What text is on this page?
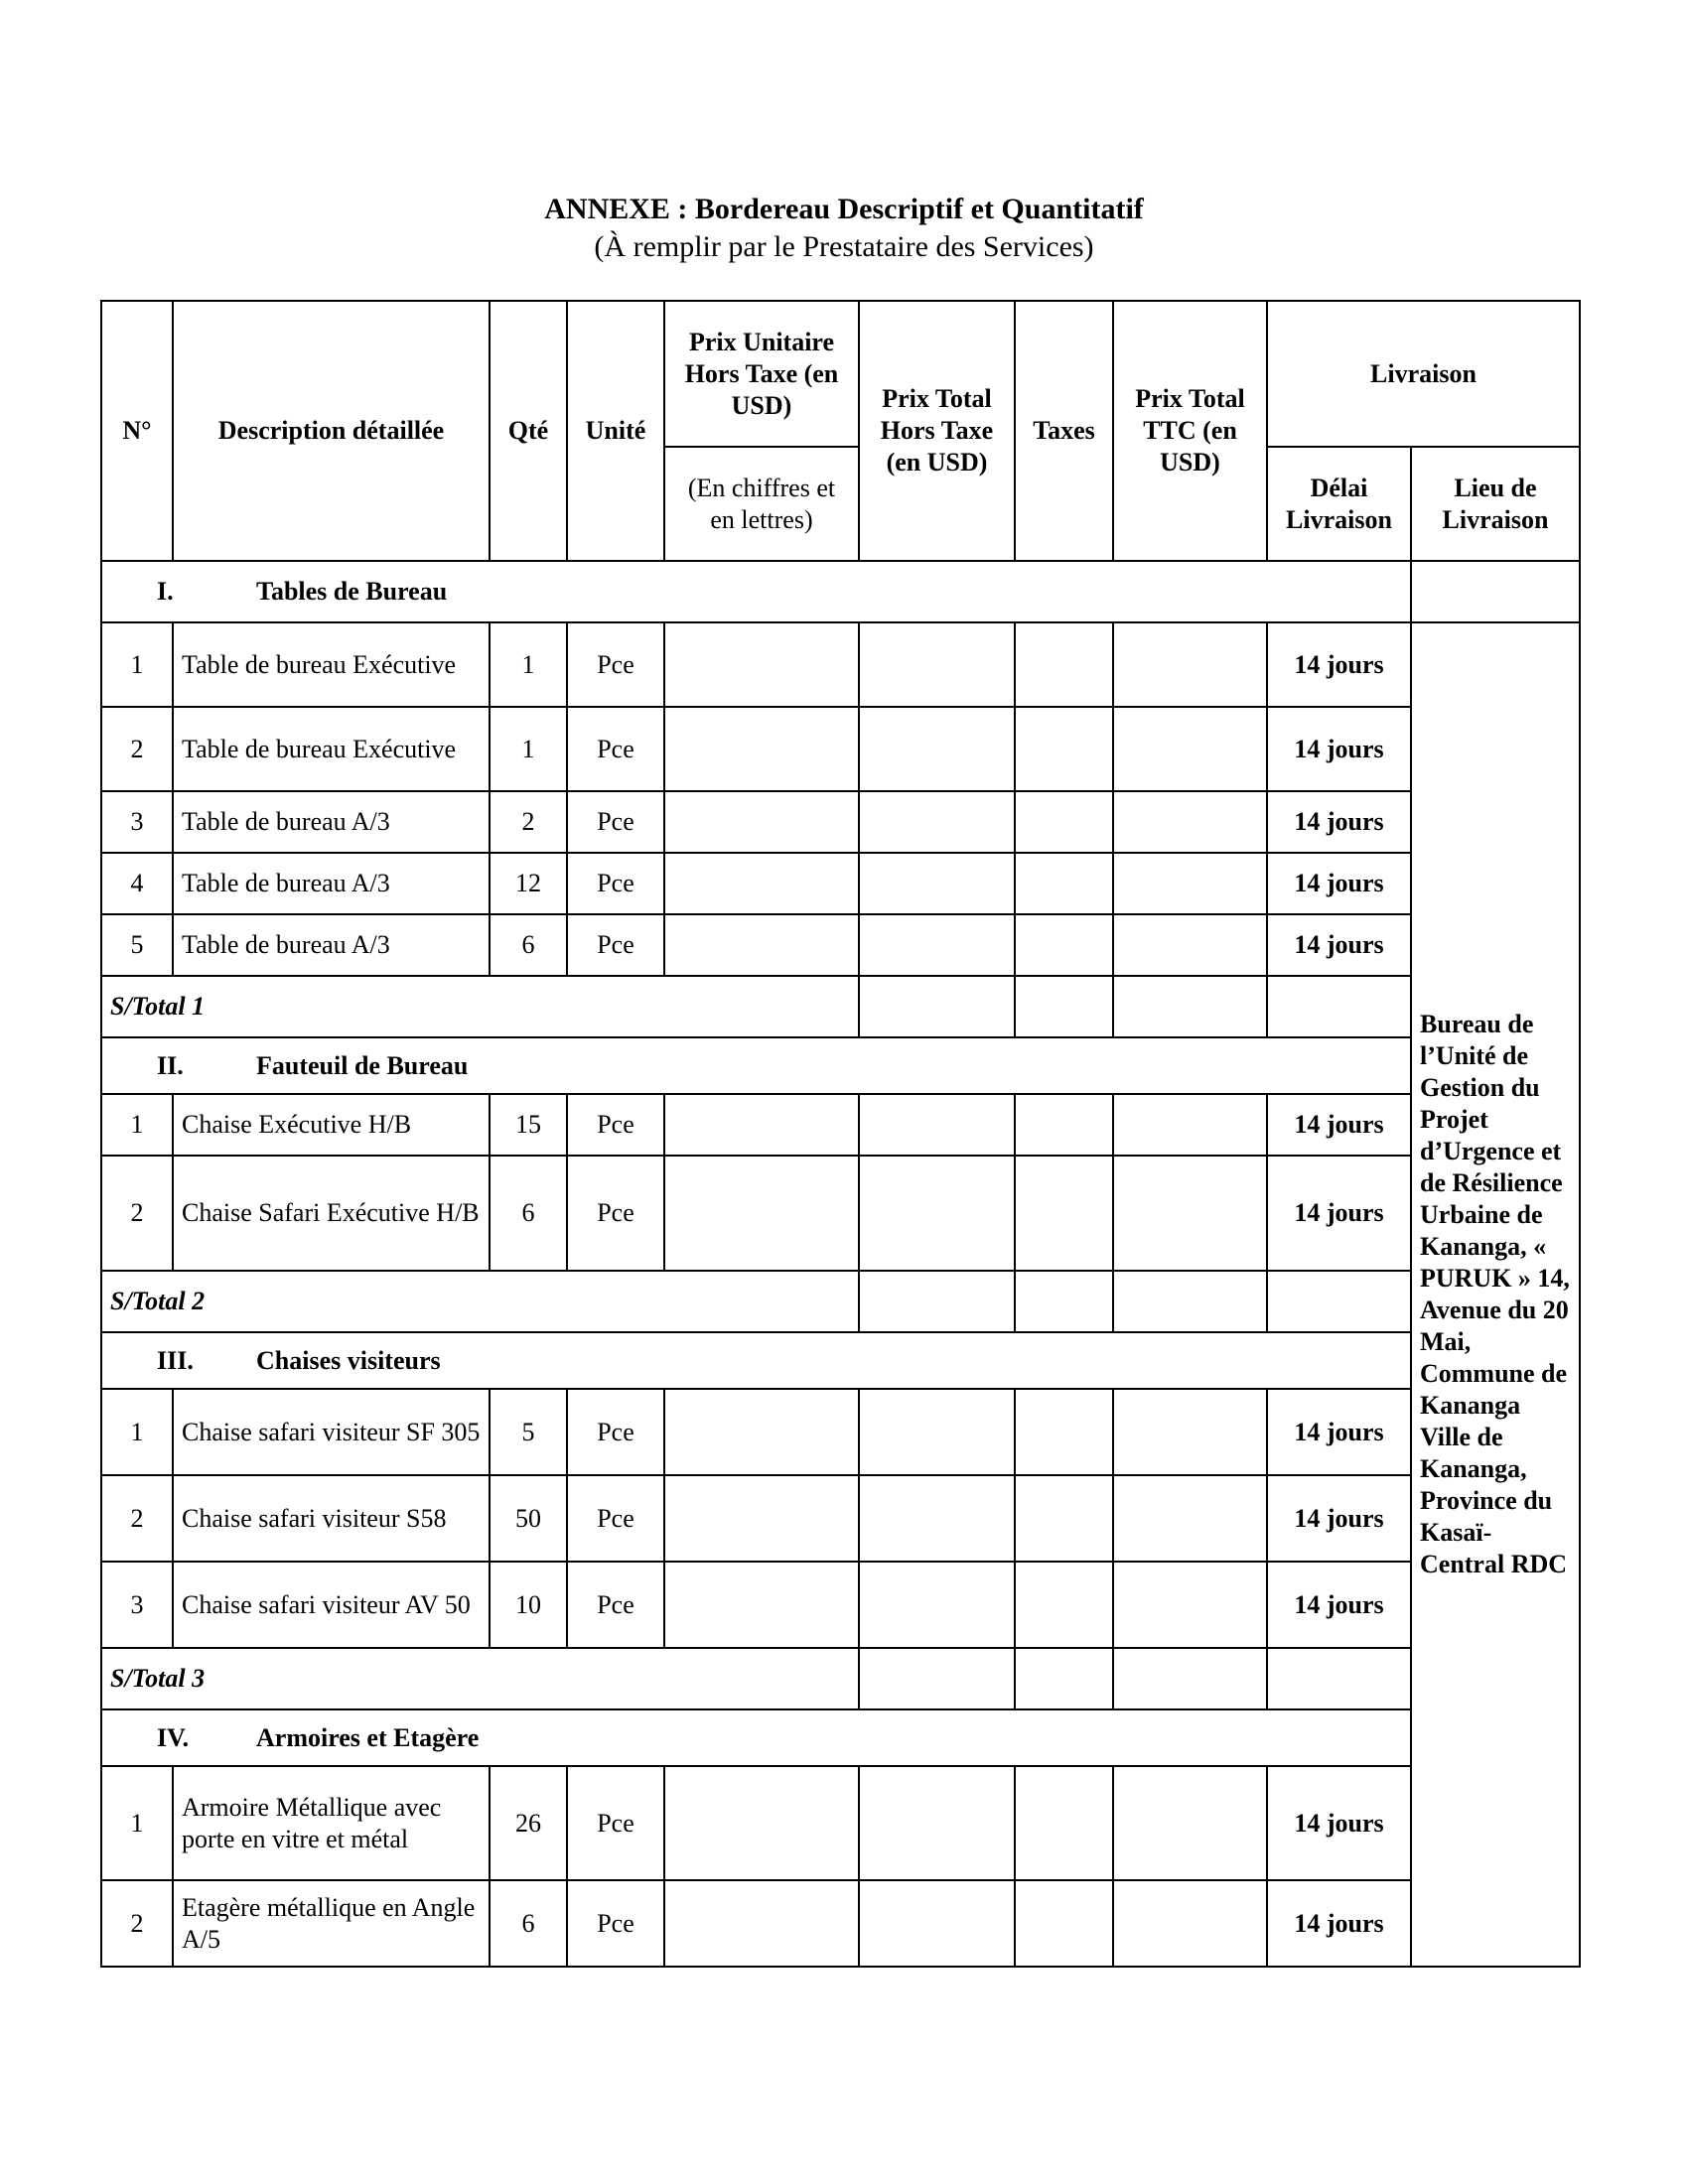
ANNEXE : Bordereau Descriptif et Quantitatif
(À remplir par le Prestataire des Services)
N°	Description détaillée	Qté	Unité	Prix Unitaire Hors Taxe (en USD)	Prix Total Hors Taxe (en USD)	Taxes	Prix Total TTC (en USD)	Livraison	
				(En chiffres et en lettres)				Délai Livraison	Lieu de Livraison
I. Tables de Bureau									
1	Table de bureau Exécutive	1	Pce					14 jours	Bureau de l’Unité de Gestion du Projet d’Urgence et de Résilience Urbaine de Kananga, « PURUK » 14, Avenue du 20 Mai, Commune de Kananga Ville de Kananga, Province du Kasaï-Central RDC
2	Table de bureau Exécutive	1	Pce					14 jours	
3	Table de bureau A/3	2	Pce					14 jours	
4	Table de bureau A/3	12	Pce					14 jours	
5	Table de bureau A/3	6	Pce					14 jours	
S/Total 1									
II. Fauteuil de Bureau									
1	Chaise Exécutive H/B	15	Pce					14 jours	
2	Chaise Safari Exécutive H/B	6	Pce					14 jours	
S/Total 2									
III. Chaises visiteurs									
1	Chaise safari visiteur SF 305	5	Pce					14 jours	
2	Chaise safari visiteur S58	50	Pce					14 jours	
3	Chaise safari visiteur AV 50	10	Pce					14 jours	
S/Total 3									
IV. Armoires et Etagère									
1	Armoire Métallique avec porte en vitre et métal	26	Pce					14 jours	
2	Etagère métallique en Angle A/5	6	Pce					14 jours	
